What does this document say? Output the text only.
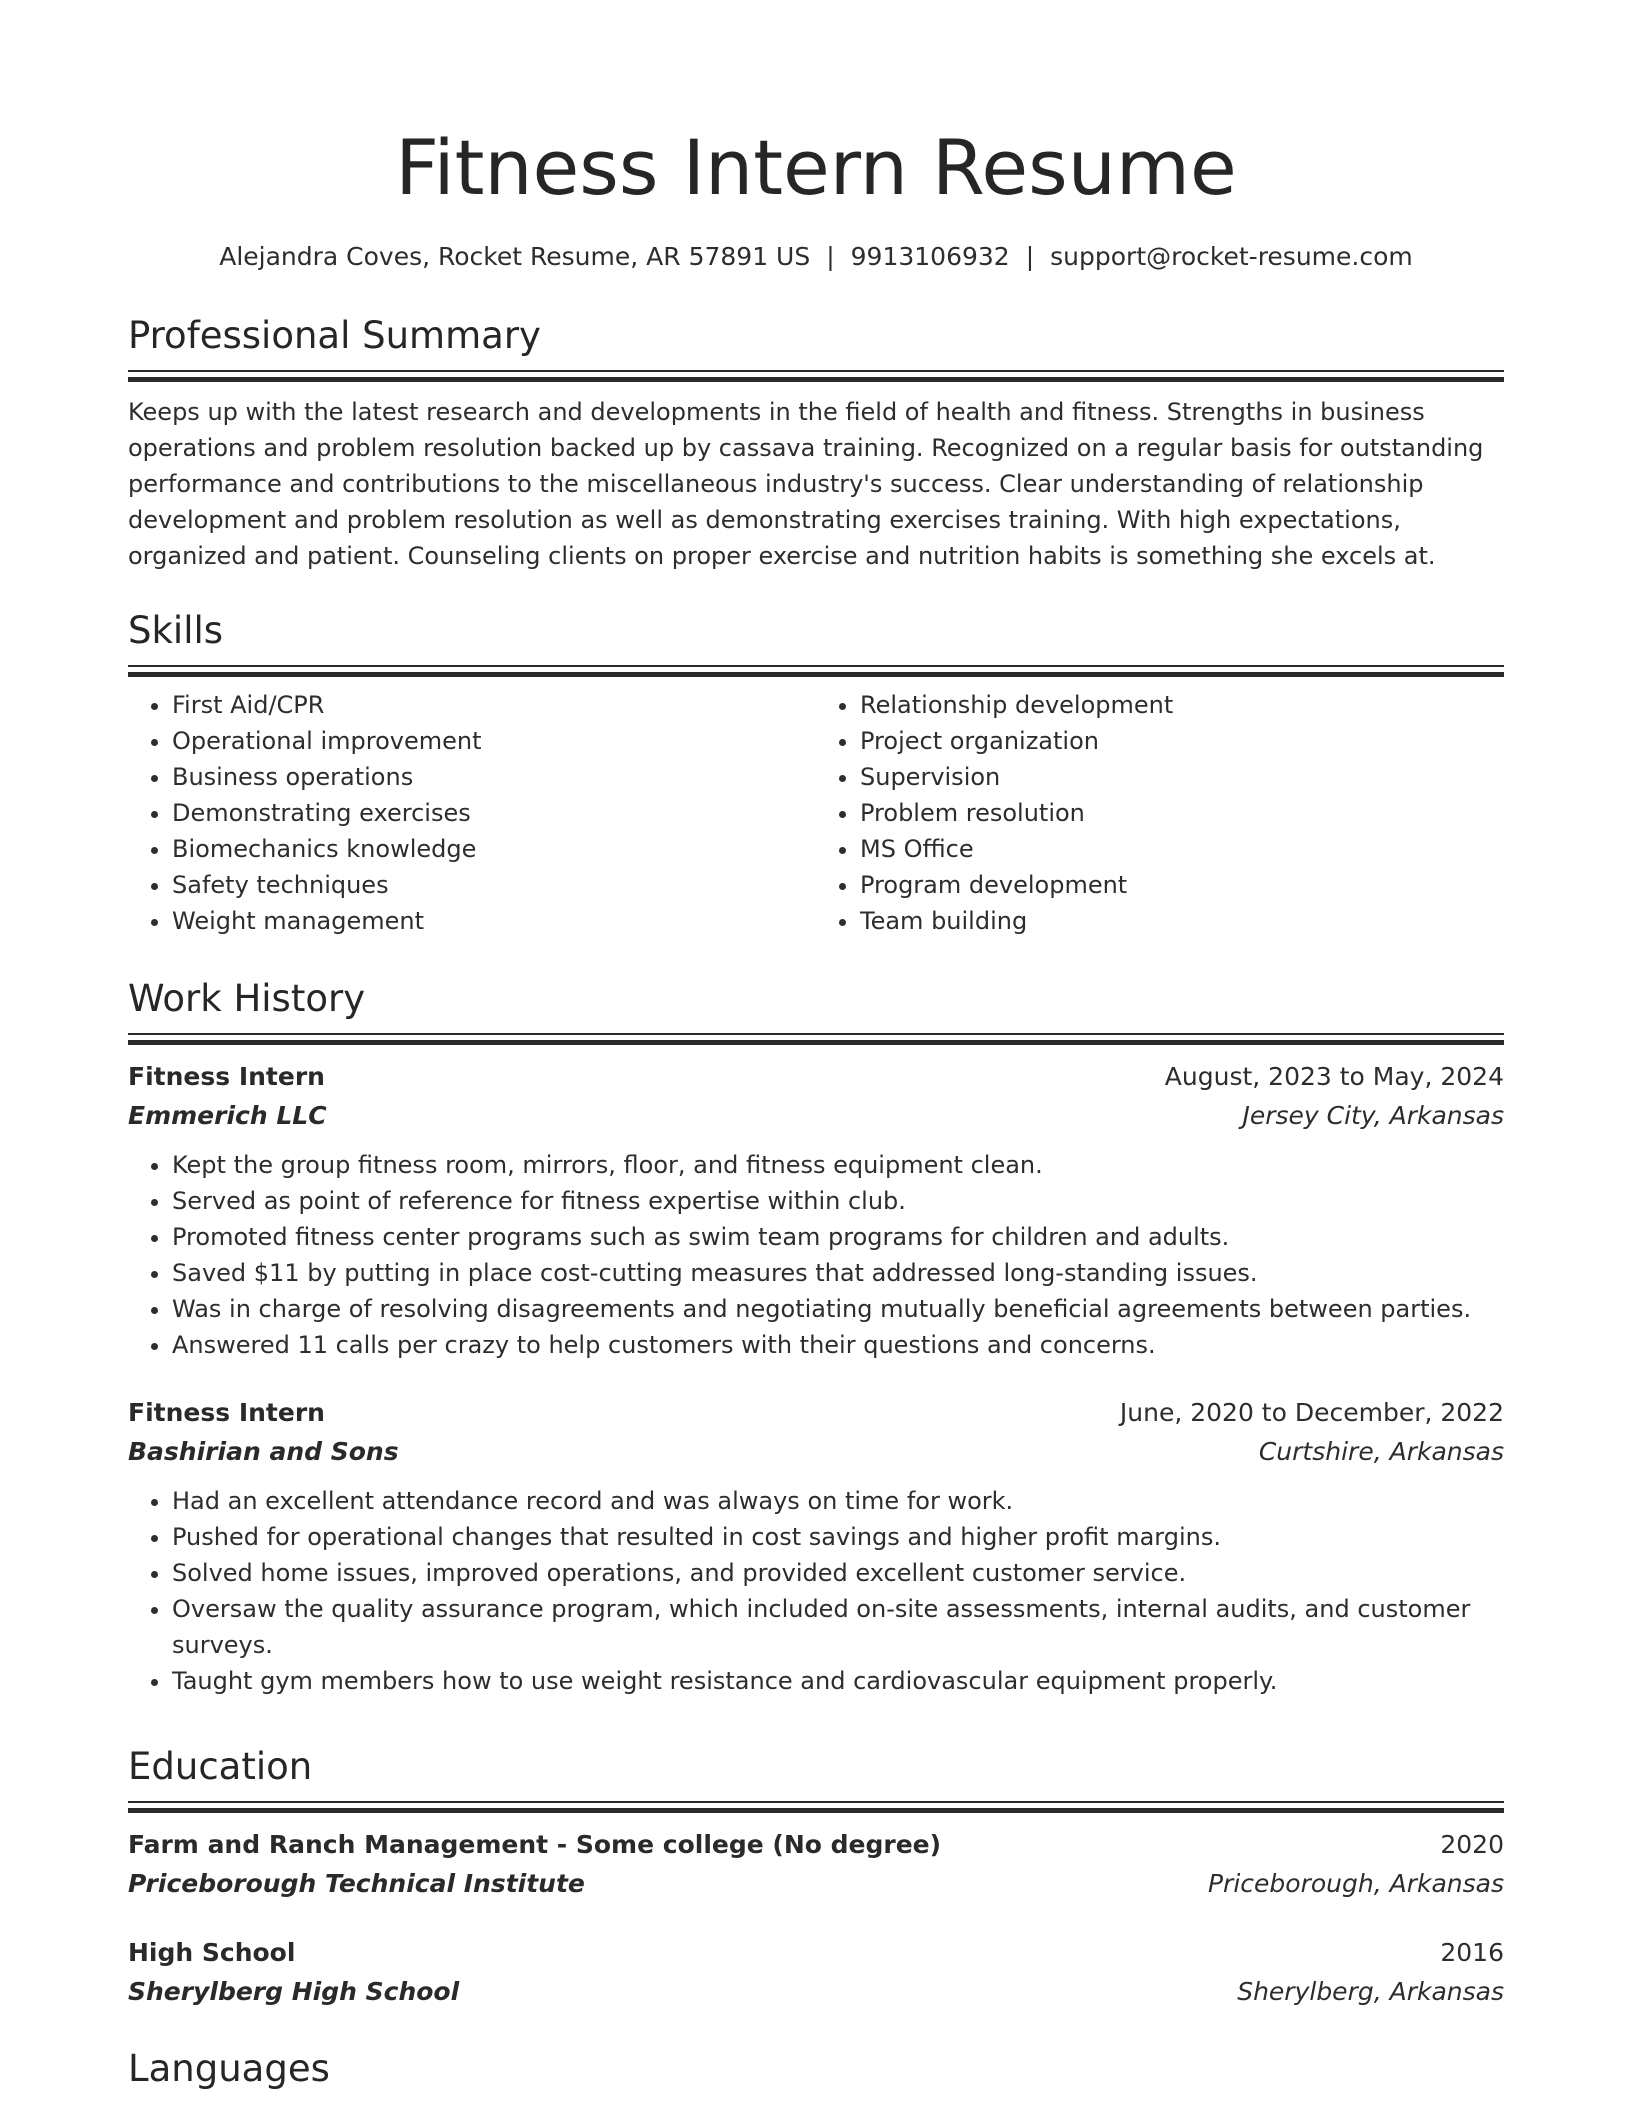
Fitness Intern Resume
Alejandra Coves, Rocket Resume, AR 57891 US | 9913106932 | support@rocket-resume.com
Professional Summary
Keeps up with the latest research and developments in the field of health and fitness. Strengths in business operations and problem resolution backed up by cassava training. Recognized on a regular basis for outstanding performance and contributions to the miscellaneous industry's success. Clear understanding of relationship development and problem resolution as well as demonstrating exercises training. With high expectations, organized and patient. Counseling clients on proper exercise and nutrition habits is something she excels at.
Skills
• First Aid/CPR
• Operational improvement
• Business operations
• Demonstrating exercises
• Biomechanics knowledge
• Safety techniques
• Weight management
• Relationship development
• Project organization
• Supervision
• Problem resolution
• MS Office
• Program development
• Team building
Work History
Fitness Intern	August, 2023 to May, 2024
Emmerich LLC	Jersey City, Arkansas
• Kept the group fitness room, mirrors, floor, and fitness equipment clean.
• Served as point of reference for fitness expertise within club.
• Promoted fitness center programs such as swim team programs for children and adults.
• Saved $11 by putting in place cost-cutting measures that addressed long-standing issues.
• Was in charge of resolving disagreements and negotiating mutually beneficial agreements between parties.
• Answered 11 calls per crazy to help customers with their questions and concerns.
Fitness Intern	June, 2020 to December, 2022
Bashirian and Sons	Curtshire, Arkansas
• Had an excellent attendance record and was always on time for work.
• Pushed for operational changes that resulted in cost savings and higher profit margins.
• Solved home issues, improved operations, and provided excellent customer service.
• Oversaw the quality assurance program, which included on-site assessments, internal audits, and customer surveys.
• Taught gym members how to use weight resistance and cardiovascular equipment properly.
Education
Farm and Ranch Management - Some college (No degree)	2020
Priceborough Technical Institute	Priceborough, Arkansas
High School	2016
Sherylberg High School	Sherylberg, Arkansas
Languages
